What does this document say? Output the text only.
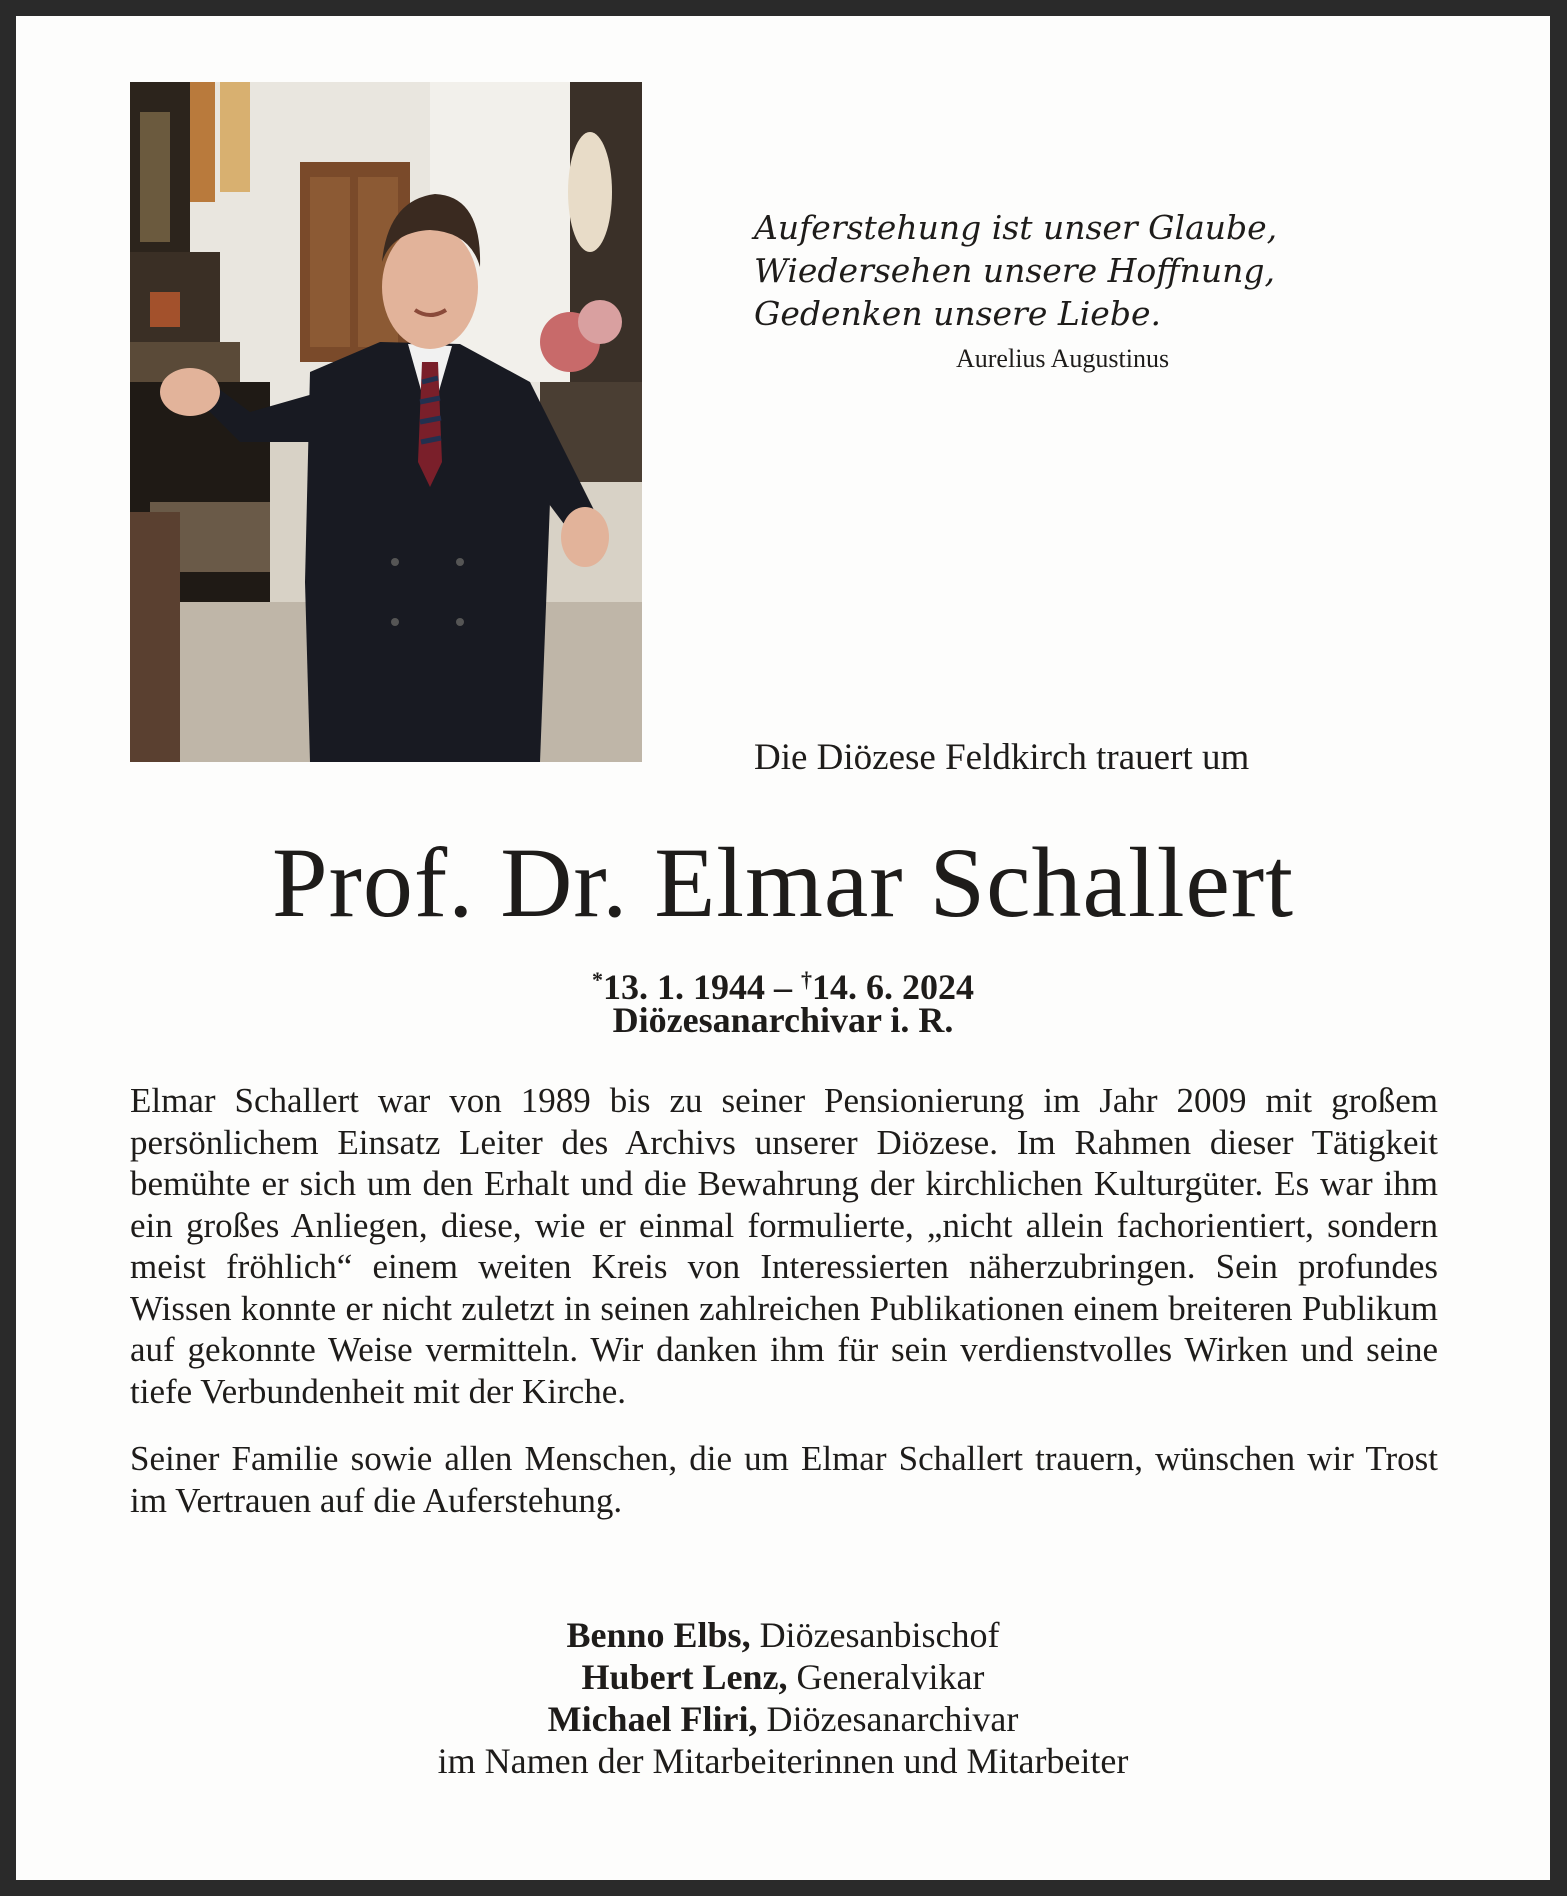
Auferstehung ist unser Glaube,
Wiedersehen unsere Hoffnung,
Gedenken unsere Liebe.
Aurelius Augustinus
Die Diözese Feldkirch trauert um
Prof. Dr. Elmar Schallert
*13. 1. 1944 – †14. 6. 2024
Diözesanarchivar i. R.

Elmar Schallert war von 1989 bis zu seiner Pensionierung im Jahr 2009 mit großem persönlichem Einsatz Leiter des Archivs unserer Diözese. Im Rahmen dieser Tätigkeit bemühte er sich um den Erhalt und die Bewahrung der kirchlichen Kulturgüter. Es war ihm ein großes Anliegen, diese, wie er einmal formulierte, „nicht allein fachorientiert, sondern meist fröhlich“ einem weiten Kreis von Interessierten näherzubringen. Sein profundes Wissen konnte er nicht zuletzt in seinen zahlreichen Publikationen einem breiteren Publikum auf gekonnte Weise vermitteln. Wir danken ihm für sein verdienstvolles Wirken und seine tiefe Verbundenheit mit der Kirche.

Seiner Familie sowie allen Menschen, die um Elmar Schallert trauern, wünschen wir Trost im Vertrauen auf die Auferstehung.

Benno Elbs, Diözesanbischof
Hubert Lenz, Generalvikar
Michael Fliri, Diözesanarchivar
im Namen der Mitarbeiterinnen und Mitarbeiter
